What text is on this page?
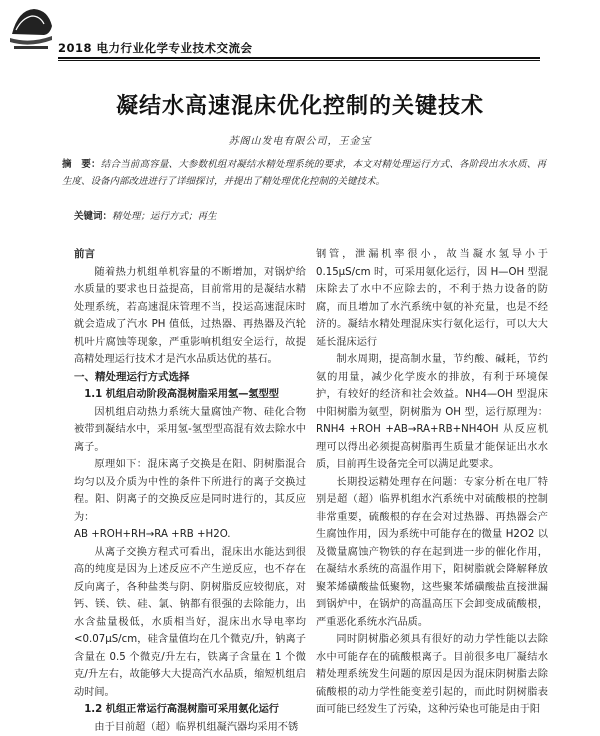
2018 电力行业化学专业技术交流会
凝结水高速混床优化控制的关键技术
苏阁山发电有限公司，王金宝
摘　要：结合当前高容量、大参数机组对凝结水精处理系统的要求，本文对精处理运行方式、各阶段出水水质、再生度、设备内部改进进行了详细探讨，并提出了精处理优化控制的关键技术。
关键词：精处理；运行方式；再生
前言

随着热力机组单机容量的不断增加，对锅炉给水质量的要求也日益提高，目前常用的是凝结水精处理系统，若高速混床管理不当，投运高速混床时就会造成了汽水 PH 值低，过热器、再热器及汽轮机叶片腐蚀等现象，严重影响机组安全运行，故提高精处理运行技术才是汽水品质达优的基石。

一、精处理运行方式选择
1.1 机组启动阶段高混树脂采用氢—氢型型

因机组启动热力系统大量腐蚀产物、硅化合物被带到凝结水中，采用氢-氢型型高混有效去除水中离子。

原理如下：混床离子交换是在阳、阴树脂混合均匀以及介质为中性的条件下所进行的离子交换过程。阳、阴离子的交换反应是同时进行的，其反应为：

AB +ROH+RH→RA +RB +H2O.

从离子交换方程式可看出，混床出水能达到很高的纯度是因为上述反应不产生逆反应，也不存在反向离子，各种盐类与阴、阴树脂反应较彻底，对钙、镁、铁、硅、氯、钠都有很强的去除能力，出水含盐量极低，水质相当好，混床出水导电率均<0.07μS/cm，硅含量值均在几个微克/升，钠离子含量在 0.5 个微克/升左右，铁离子含量在 1 个微克/升左右，故能够大大提高汽水品质，缩短机组启动时间。

1.2 机组正常运行高混树脂可采用氨化运行

由于目前超（超）临界机组凝汽器均采用不锈

钢管，泄漏机率很小，故当凝水氢导小于 0.15μS/cm 时，可采用氨化运行，因 H—OH 型混床除去了水中不应除去的，不利于热力设备的防腐，而且增加了水汽系统中氨的补充量，也是不经济的。凝结水精处理混床实行氨化运行，可以大大延长混床运行

制水周期，提高制水量，节约酸、碱耗，节约氨的用量，减少化学废水的排放，有利于环境保护，有较好的经济和社会效益。NH4—OH 型混床中阳树脂为氨型，阴树脂为 OH 型，运行原理为：RNH4 +ROH +AB→RA+RB+NH4OH 从反应机理可以得出必须提高树脂再生质量才能保证出水水质，目前再生设备完全可以满足此要求。

长期投运精处理存在问题：专家分析在电厂特别是超（超）临界机组水汽系统中对硫酸根的控制非常重要，硫酸根的存在会对过热器、再热器会产生腐蚀作用，因为系统中可能存在的微量 H2O2 以及微量腐蚀产物铁的存在起到进一步的催化作用，在凝结水系统的高温作用下，阳树脂就会降解释放聚苯烯磺酸盐低聚物，这些聚苯烯磺酸盐直接泄漏到锅炉中，在锅炉的高温高压下会卸变成硫酸根，严重恶化系统水汽品质。

同时阴树脂必须具有很好的动力学性能以去除水中可能存在的硫酸根离子。目前很多电厂凝结水精处理系统发生问题的原因是因为混床阴树脂去除硫酸根的动力学性能变差引起的，而此时阴树脂表面可能已经发生了污染，这种污染也可能是由于阳
